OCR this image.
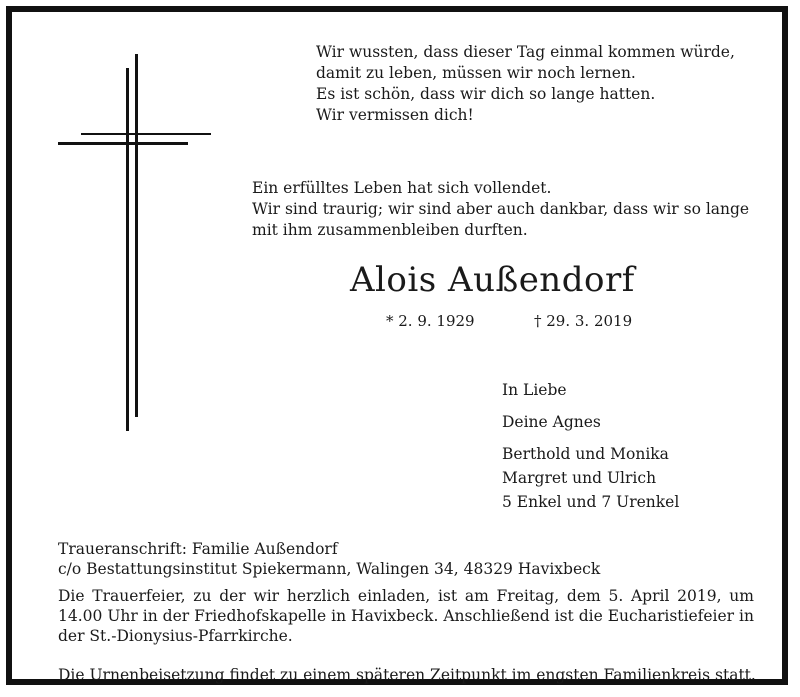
Wir wussten, dass dieser Tag einmal kommen würde,
damit zu leben, müssen wir noch lernen.
Es ist schön, dass wir dich so lange hatten.
Wir vermissen dich!
Ein erfülltes Leben hat sich vollendet.
Wir sind traurig; wir sind aber auch dankbar, dass wir so lange
mit ihm zusammenbleiben durften.
Alois Außendorf
* 2. 9. 1929	† 29. 3. 2019
In Liebe
Deine Agnes
Berthold und Monika
Margret und Ulrich
5 Enkel und 7 Urenkel
Traueranschrift: Familie Außendorf
c/o Bestattungsinstitut Spiekermann, Walingen 34, 48329 Havixbeck
Die Trauerfeier, zu der wir herzlich einladen, ist am Freitag, dem 5. April 2019, um 14.00 Uhr in der Friedhofskapelle in Havixbeck. Anschließend ist die Eucharistiefeier in der St.-Dionysius-Pfarrkirche.
Die Urnenbeisetzung findet zu einem späteren Zeitpunkt im engsten Familienkreis statt.
